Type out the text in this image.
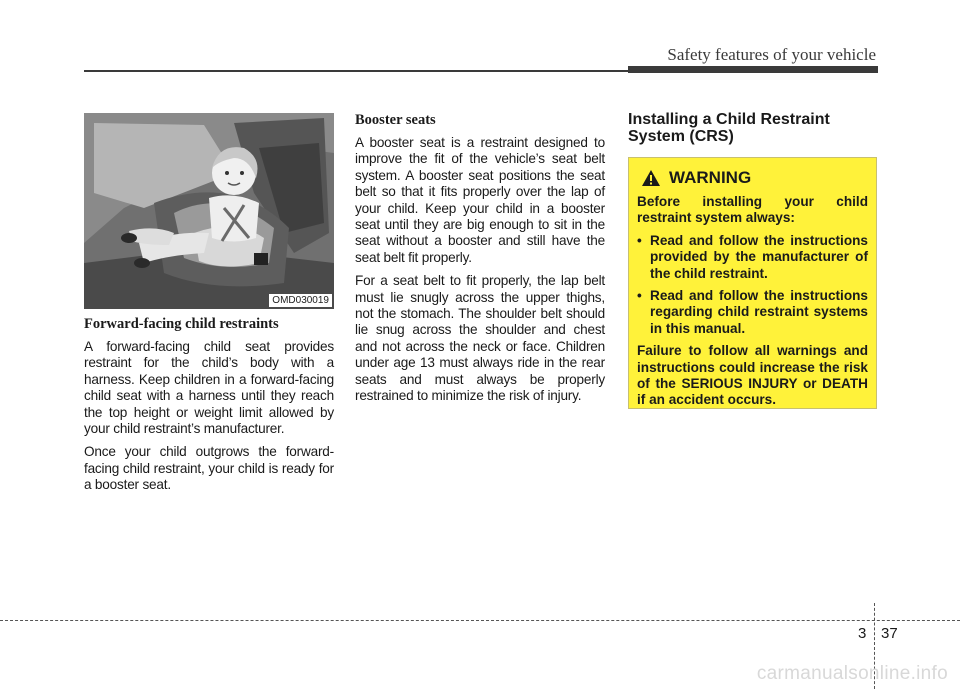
Safety features of your vehicle
OMD030019
Forward-facing child restraints

A forward-facing child seat provides restraint for the child’s body with a harness. Keep children in a forward-facing child seat with a harness until they reach the top height or weight limit allowed by your child restraint’s manufacturer.

Once your child outgrows the forward-facing child restraint, your child is ready for a booster seat.

Booster seats

A booster seat is a restraint designed to improve the fit of the vehicle’s seat belt system. A booster seat positions the seat belt so that it fits properly over the lap of your child. Keep your child in a booster seat until they are big enough to sit in the seat without a booster and still have the seat belt fit properly.

For a seat belt to fit properly, the lap belt must lie snugly across the upper thighs, not the stomach. The shoulder belt should lie snug across the shoulder and chest and not across the neck or face. Children under age 13 must always ride in the rear seats and must always be properly restrained to minimize the risk of injury.

Installing a Child Restraint System (CRS)
WARNING

Before installing your child restraint system always:

• Read and follow the instructions provided by the manufacturer of the child restraint.
• Read and follow the instructions regarding child restraint systems in this manual.

Failure to follow all warnings and instructions could increase the risk of the SERIOUS INJURY or DEATH if an accident occurs.

3 37
carmanualsonline.info
